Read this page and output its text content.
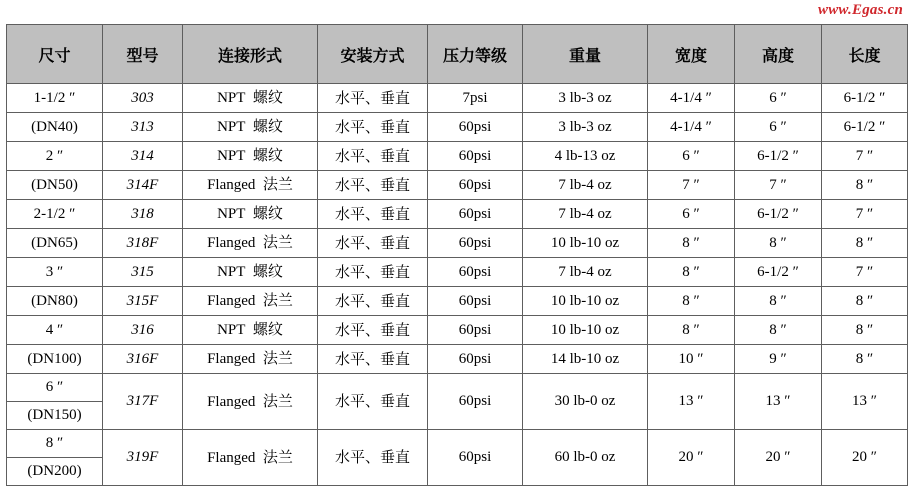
www.Egas.cn
尺寸	型号	连接形式	安装方式	压力等级	重量	宽度	高度	长度
1-1/2 ″	303	NPT 螺纹	水平、垂直	7psi	3 lb-3 oz	4-1/4 ″	6 ″	6-1/2 ″
(DN40)	313	NPT 螺纹	水平、垂直	60psi	3 lb-3 oz	4-1/4 ″	6 ″	6-1/2 ″
2 ″	314	NPT 螺纹	水平、垂直	60psi	4 lb-13 oz	6 ″	6-1/2 ″	7 ″
(DN50)	314F	Flanged 法兰	水平、垂直	60psi	7 lb-4 oz	7 ″	7 ″	8 ″
2-1/2 ″	318	NPT 螺纹	水平、垂直	60psi	7 lb-4 oz	6 ″	6-1/2 ″	7 ″
(DN65)	318F	Flanged 法兰	水平、垂直	60psi	10 lb-10 oz	8 ″	8 ″	8 ″
3 ″	315	NPT 螺纹	水平、垂直	60psi	7 lb-4 oz	8 ″	6-1/2 ″	7 ″
(DN80)	315F	Flanged 法兰	水平、垂直	60psi	10 lb-10 oz	8 ″	8 ″	8 ″
4 ″	316	NPT 螺纹	水平、垂直	60psi	10 lb-10 oz	8 ″	8 ″	8 ″
(DN100)	316F	Flanged 法兰	水平、垂直	60psi	14 lb-10 oz	10 ″	9 ″	8 ″
6 ″	317F	Flanged 法兰	水平、垂直	60psi	30 lb-0 oz	13 ″	13 ″	13 ″
(DN150)								
8 ″	319F	Flanged 法兰	水平、垂直	60psi	60 lb-0 oz	20 ″	20 ″	20 ″
(DN200)								
